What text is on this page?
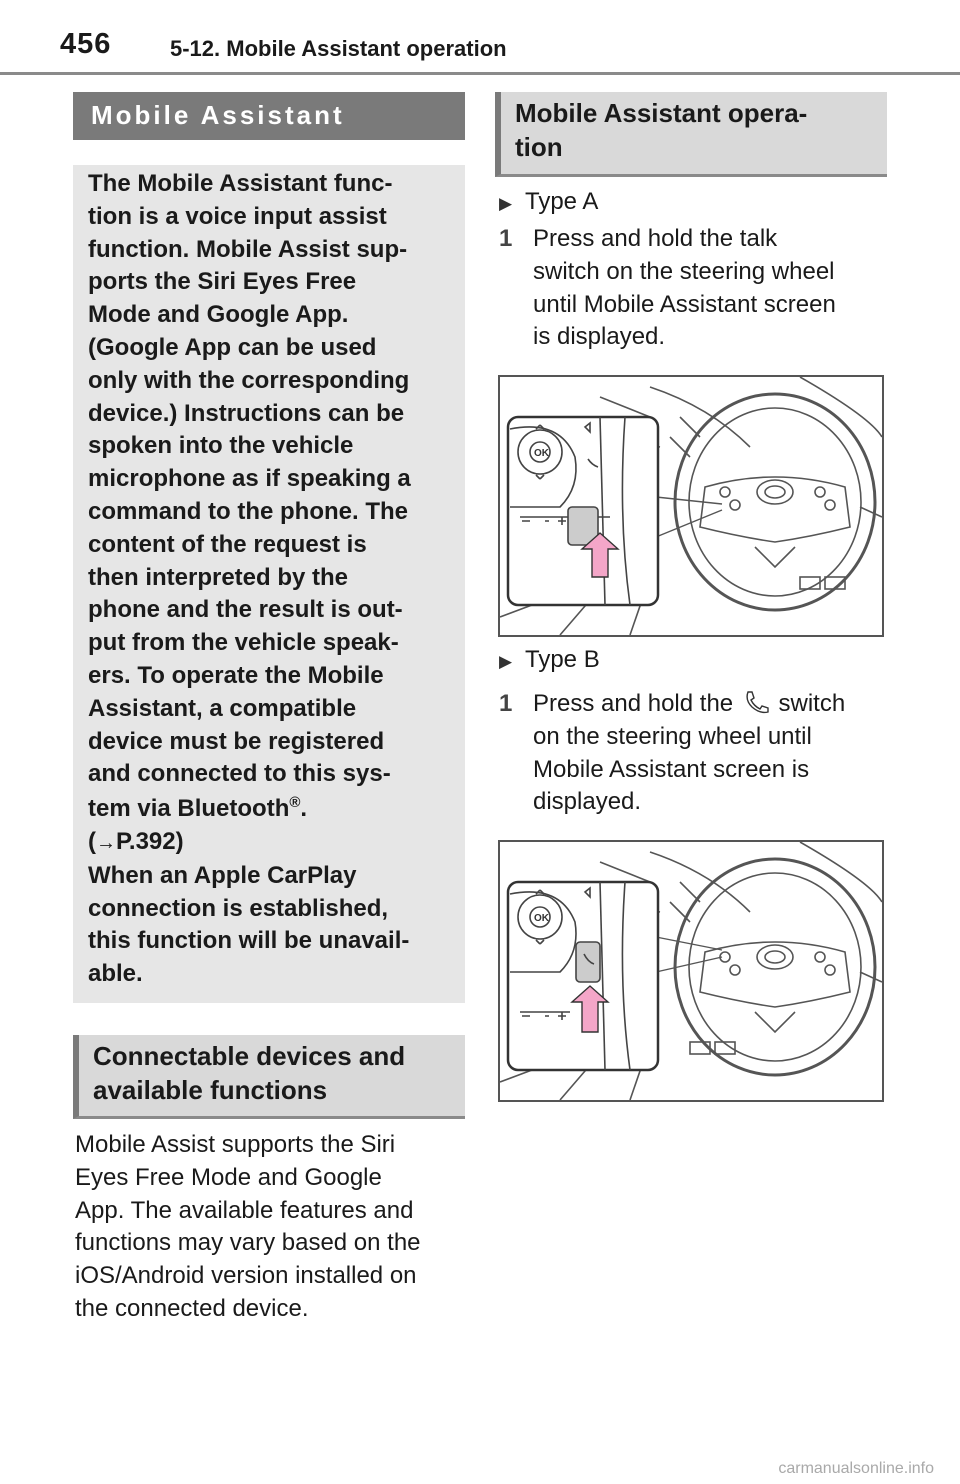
456	5-12. Mobile Assistant operation
Mobile Assistant
The Mobile Assistant func-
tion is a voice input assist
function. Mobile Assist sup-
ports the Siri Eyes Free
Mode and Google App.
(Google App can be used
only with the corresponding
device.) Instructions can be
spoken into the vehicle
microphone as if speaking a
command to the phone. The
content of the request is
then interpreted by the
phone and the result is out-
put from the vehicle speak-
ers. To operate the Mobile
Assistant, a compatible
device must be registered
and connected to this sys-
tem via Bluetooth®.
(→P.392)
When an Apple CarPlay
connection is established,
this function will be unavail-
able.
Connectable devices and
available functions
Mobile Assist supports the Siri
Eyes Free Mode and Google
App. The available features and
functions may vary based on the
iOS/Android version installed on
the connected device.
Mobile Assistant opera-
tion
▶ Type A
1 Press and hold the talk
switch on the steering wheel
until Mobile Assistant screen
is displayed.
OK
▶ Type B
1 Press and hold the switch
on the steering wheel until
Mobile Assistant screen is
displayed.
OK
carmanualsonline.info
